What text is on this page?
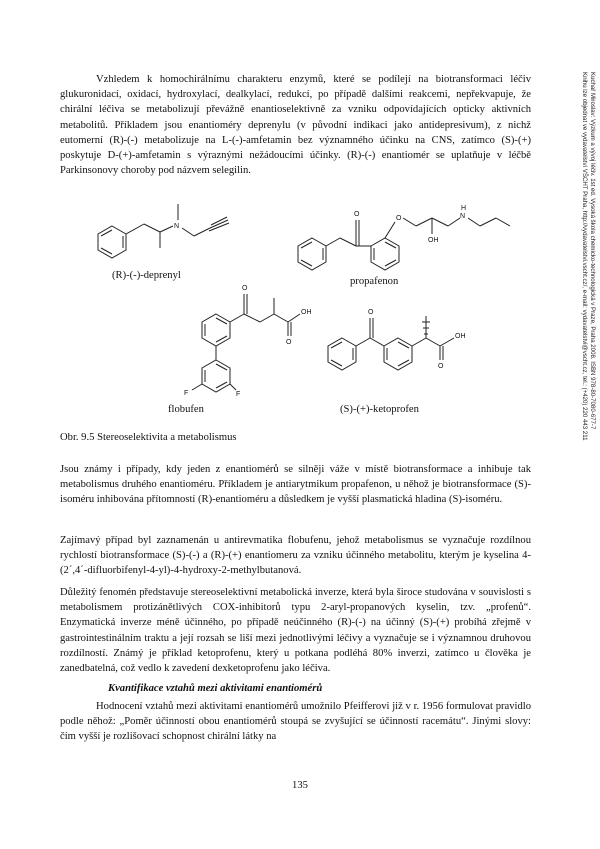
Vzhledem k homochirálnímu charakteru enzymů, které se podílejí na biotransformaci léčiv glukuronidací, oxidací, hydroxylací, dealkylací, redukcí, po případě dalšími reakcemi, nepřekvapuje, že chirální léčiva se metabolizují převážně enantioselektivně za vzniku odpovídajících opticky aktivních metabolitů. Příkladem jsou enantioméry deprenylu (v původní indikaci jako antidepresivum), z nichž eutomerní (R)-(-) metabolizuje na L-(-)-amfetamin bez významného účinku na CNS, zatímco (S)-(+) poskytuje D-(+)-amfetamin s výraznými nežádoucími účinky. (R)-(-) enantiomér se uplatňuje v léčbě Parkinsonovy choroby pod názvem selegilin.
N
(R)-(-)-deprenyl
O
O
OH
N
H
propafenon
F	F
O
OH
O
flobufen
O
OH
O
(S)-(+)-ketoprofen
Obr. 9.5 Stereoselektivita a metabolismus
Jsou známy i případy, kdy jeden z enantiomérů se silněji váže v místě biotransformace a inhibuje tak metabolismus druhého enantioméru. Příkladem je antiarytmikum propafenon, u něhož je biotransformace (S)-isoméru inhibována přítomností (R)-enantioméru a důsledkem je vyšší plasmatická hladina (S)-isoméru.
Zajímavý případ byl zaznamenán u antirevmatika flobufenu, jehož metabolismus se vyznačuje rozdílnou rychlostí biotransformace (S)-(-) a (R)-(+) enantiomeru za vzniku účinného metabolitu, kterým je kyselina 4-(2´,4´-difluorbifenyl-4-yl)-4-hydroxy-2-methylbutanová.
Důležitý fenomén představuje stereoselektivní metabolická inverze, která byla široce studována v souvislosti s metabolismem protizánětlivých COX-inhibitorů typu 2-aryl-propanových kyselin, tzv. „profenů“. Enzymatická inverze méně účinného, po případě neúčinného (R)-(-) na účinný (S)-(+) probíhá zřejmě v gastrointestinálním traktu a její rozsah se liší mezi jednotlivými léčivy a vyznačuje se i významnou druhovou rozdílností. Známý je příklad ketoprofenu, který u potkana podléhá 80% inverzi, zatímco u člověka je zanedbatelná, což vedlo k zavedení dexketoprofenu jako léčiva.
Kvantifikace vztahů mezi aktivitami enantiomérů
Hodnocení vztahů mezi aktivitami enantiomérů umožnilo Pfeifferovi již v r. 1956 formulovat pravidlo podle něhož: „Poměr účinností obou enantiomérů stoupá se zvyšující se účinností racemátu“. Jinými slovy: čím vyšší je rozlišovací schopnost chirální látky na
135
Kuchař Miroslav: Výzkum a vývoj léčiv. 1st ed. Vysoká škola chemicko-technologická v Praze, Praha 2008. ISBN 978-80-7080-677-7
Knihu lze objednat ve vydavatelství VŠCHT Praha, http://vydavatelstvi.vscht.cz/, e-mail: vydavatelstvi@vscht.cz, tel.: (+420) 220 443 211
